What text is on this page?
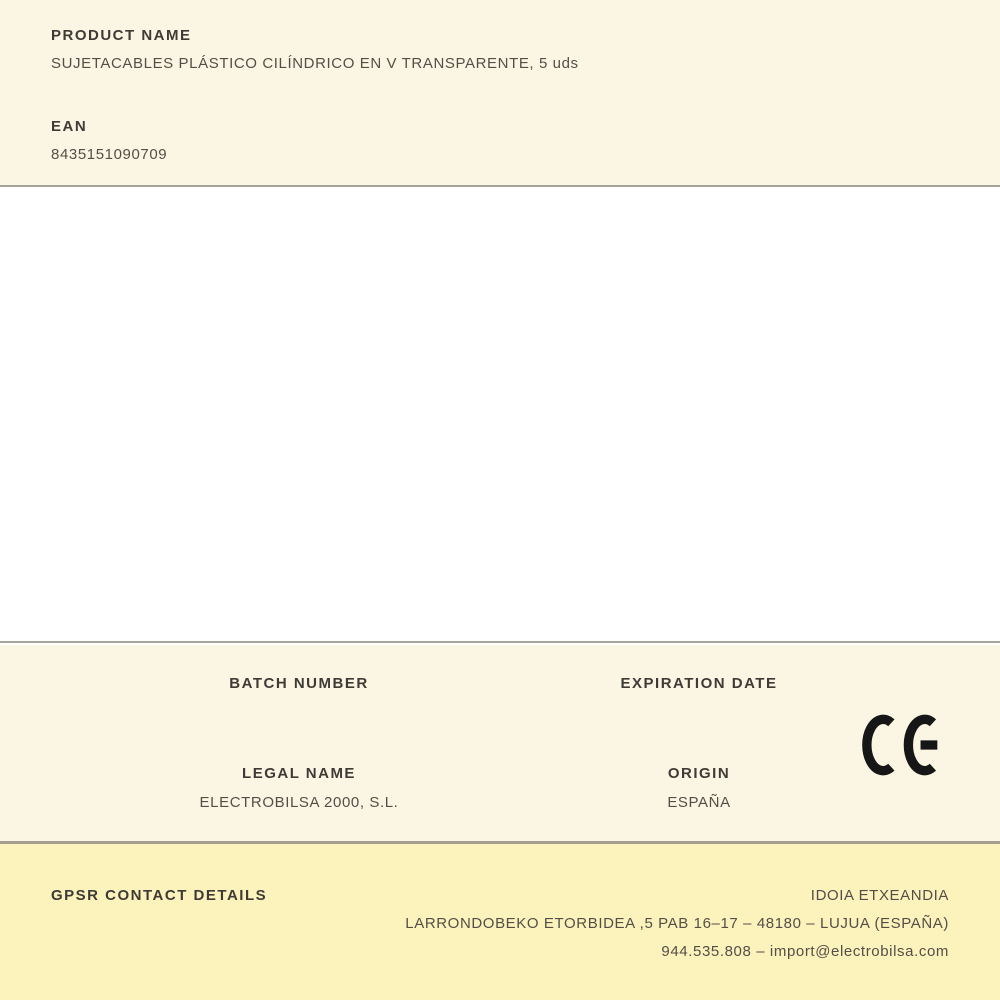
PRODUCT NAME
SUJETACABLES PLÁSTICO CILÍNDRICO EN V TRANSPARENTE, 5 uds
EAN
8435151090709
BATCH NUMBER	EXPIRATION DATE
LEGAL NAME
ELECTROBILSA 2000, S.L.
ORIGIN
ESPAÑA
GPSR CONTACT DETAILS	IDOIA ETXEANDIA
LARRONDOBEKO ETORBIDEA ,5 PAB 16–17 – 48180 – LUJUA (ESPAÑA)
944.535.808 – import@electrobilsa.com
